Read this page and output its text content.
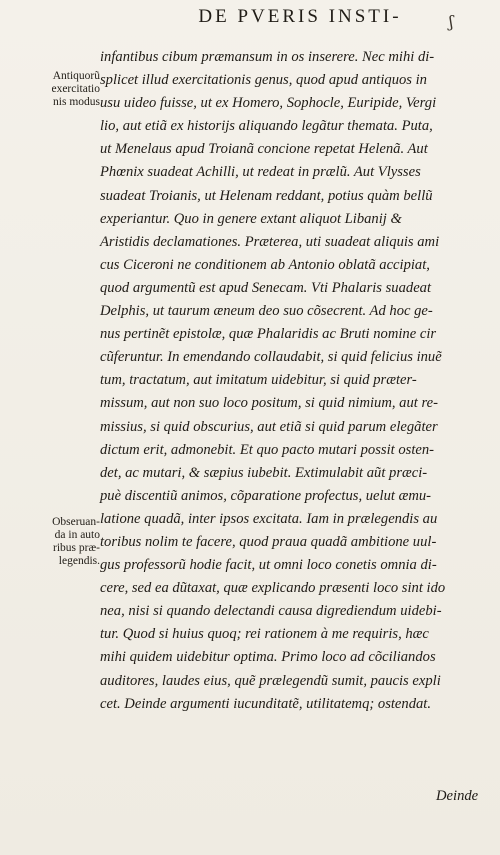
DE PVERIS INSTI-	ʃ
Antiquorũ
exercitatio
nis modus
Obseruan-
da in auto
ribus præ-
legendis.
infantibus cibum præmansum in os inserere. Nec mihi di-
splicet illud exercitationis genus, quod apud antiquos in
usu uideo fuisse, ut ex Homero, Sophocle, Euripide, Vergi
lio, aut etiã ex historijs aliquando legãtur themata. Puta,
ut Menelaus apud Troianã concione repetat Helenã. Aut
Phœnix suadeat Achilli, ut redeat in prælũ. Aut Vlysses
suadeat Troianis, ut Helenam reddant, potius quàm bellũ
experiantur. Quo in genere extant aliquot Libanij &
Aristidis declamationes. Præterea, uti suadeat aliquis ami
cus Ciceroni ne conditionem ab Antonio oblatã accipiat,
quod argumentũ est apud Senecam. Vti Phalaris suadeat
Delphis, ut taurum æneum deo suo cõsecrent. Ad hoc ge-
nus pertinẽt epistolæ, quæ Phalaridis ac Bruti nomine cir
cũferuntur. In emendando collaudabit, si quid felicius inuẽ
tum, tractatum, aut imitatum uidebitur, si quid præter-
missum, aut non suo loco positum, si quid nimium, aut re-
missius, si quid obscurius, aut etiã si quid parum elegãter
dictum erit, admonebit. Et quo pacto mutari possit osten-
det, ac mutari, & sæpius iubebit. Extimulabit aũt præci-
puè discentiũ animos, cõparatione profectus, uelut æmu-
latione quadã, inter ipsos excitata. Iam in prælegendis au
toribus nolim te facere, quod praua quadã ambitione uul-
gus professorũ hodie facit, ut omni loco conetis omnia di-
cere, sed ea dũtaxat, quæ explicando præsenti loco sint ido
nea, nisi si quando delectandi causa digrediendum uidebi-
tur. Quod si huius quoq; rei rationem à me requiris, hæc
mihi quidem uidebitur optima. Primo loco ad cõciliandos
auditores, laudes eius, quẽ prælegendũ sumit, paucis expli
cet. Deinde argumenti iucunditatẽ, utilitatemq; ostendat.
Deinde
